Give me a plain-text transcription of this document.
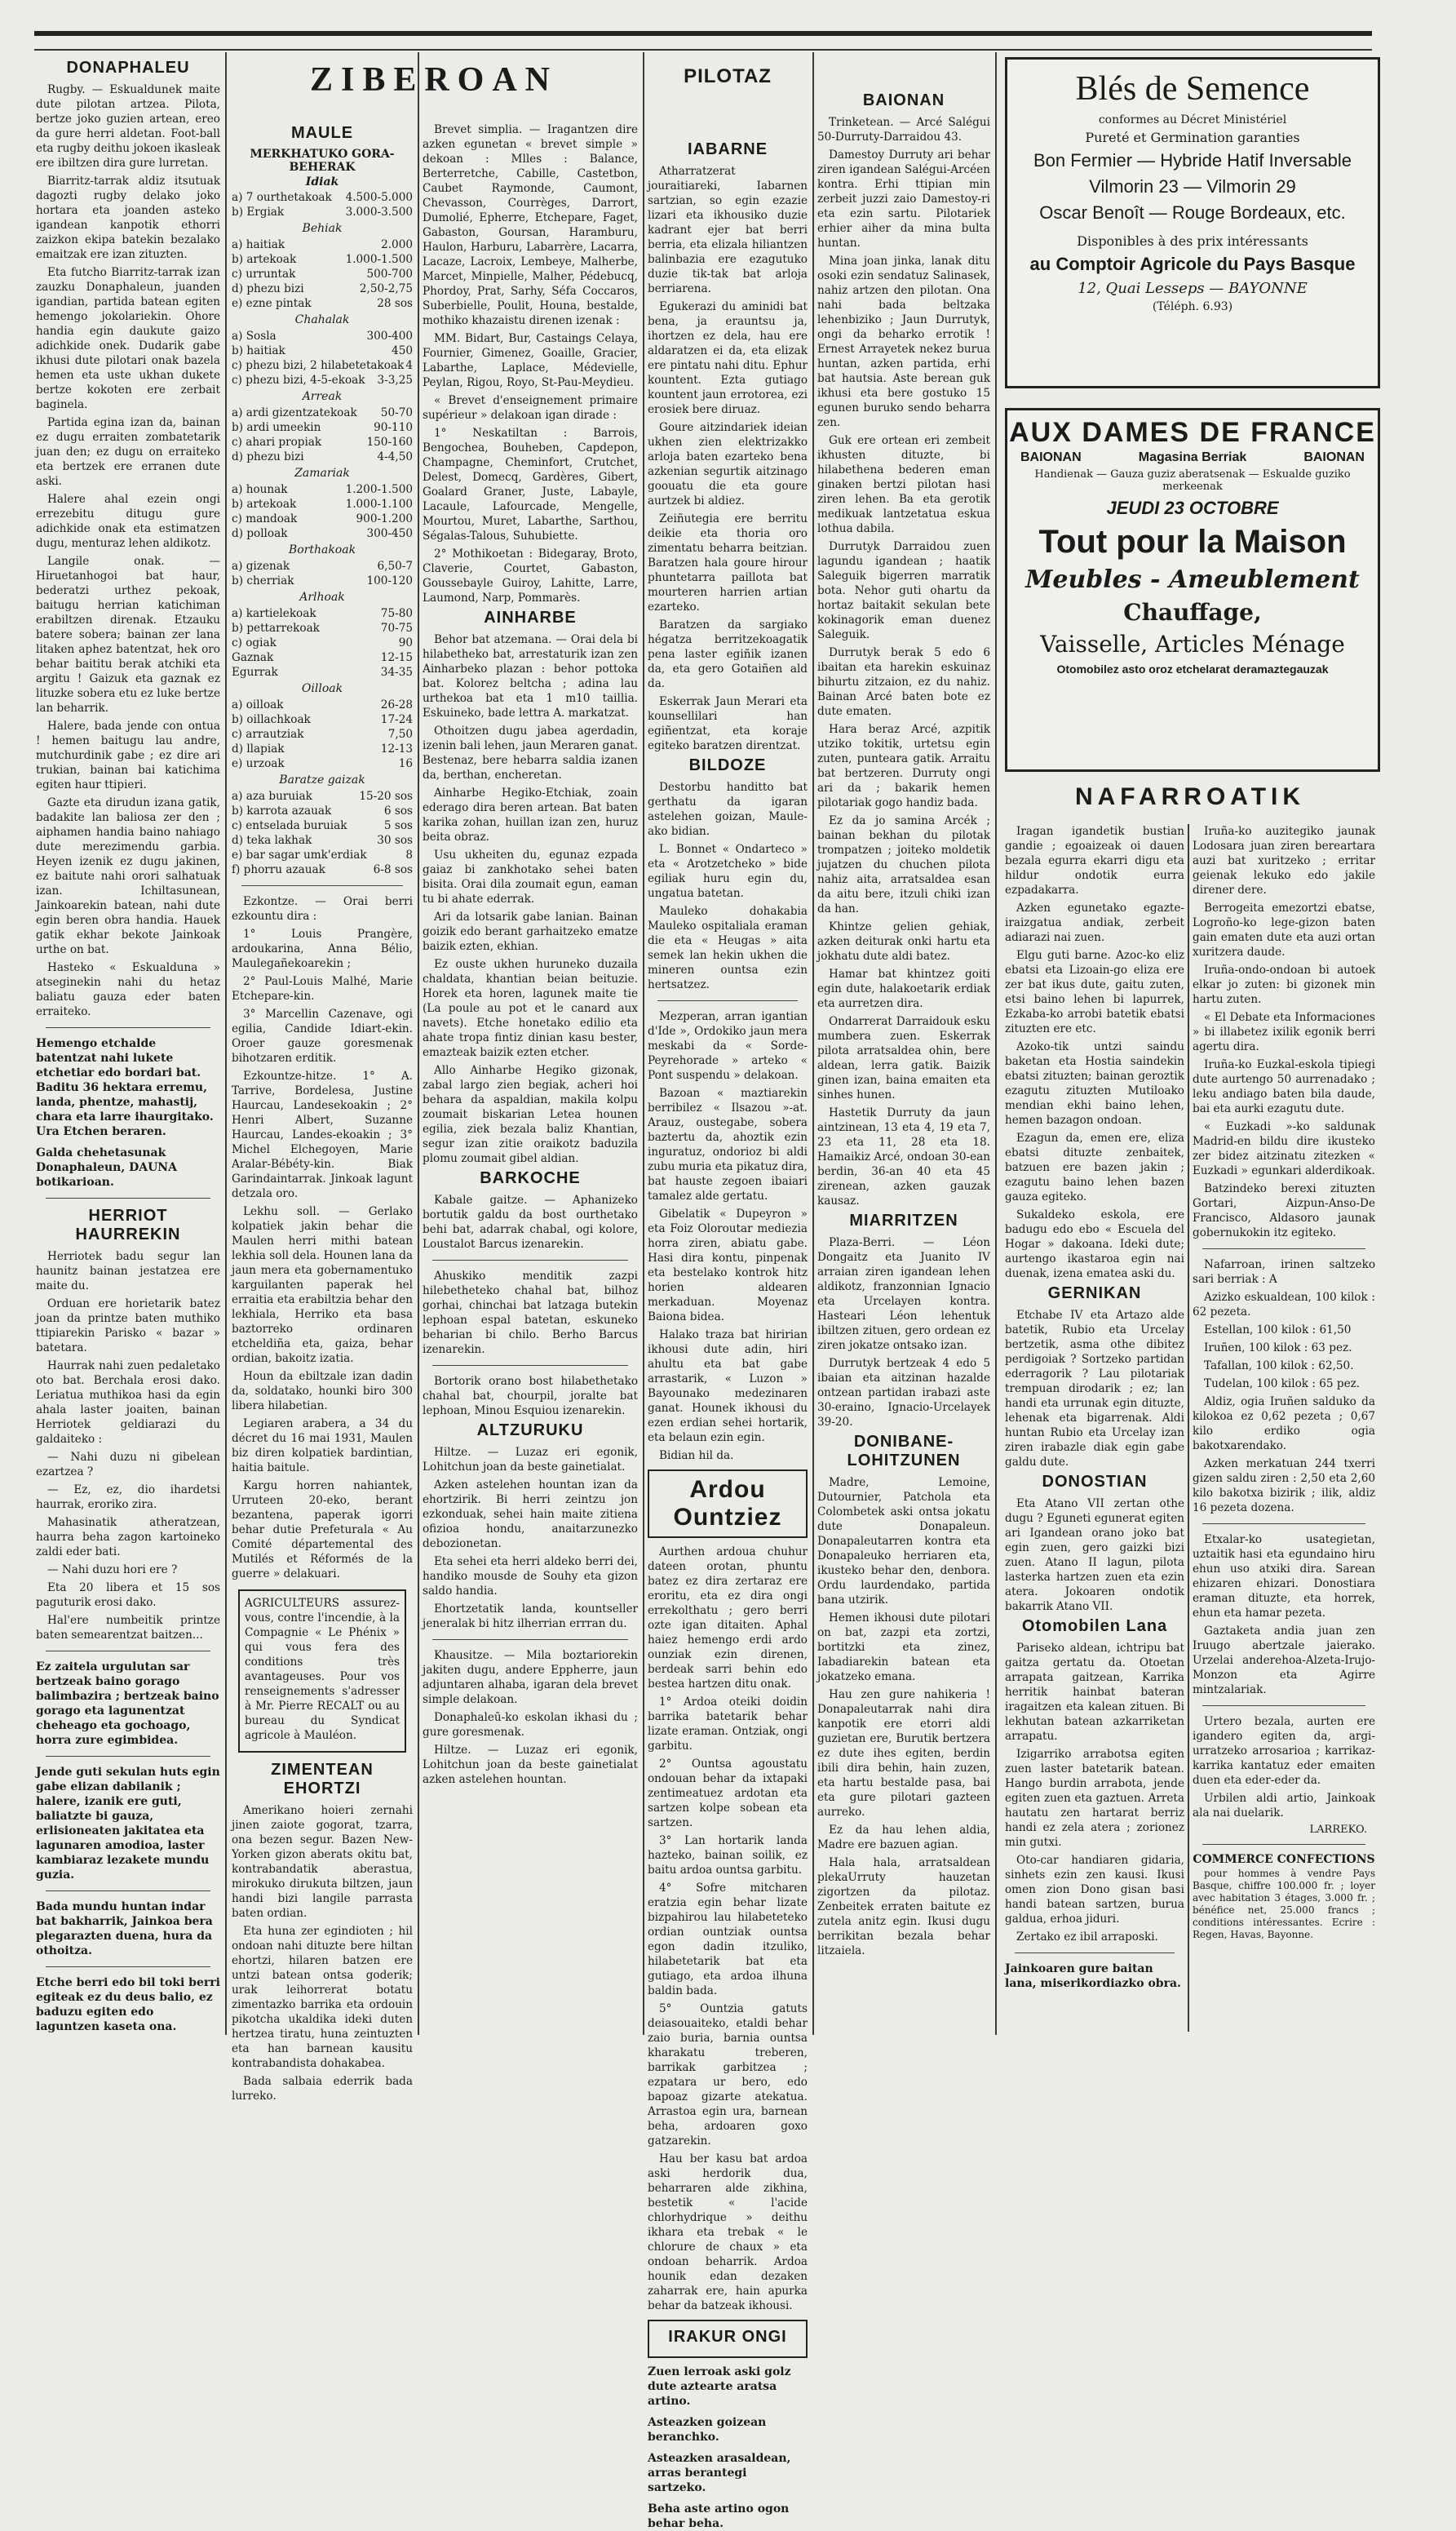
DONAPHALEU
Rugby. — Eskualdunek maite dute pilotan artzea. Pilota, bertze joko guzien artean, ereo da gure herri aldetan. Foot-ball eta rugby deithu jokoen ikasleak ere ibiltzen dira gure lurretan.
Biarritz-tarrak aldiz itsutuak dagozti rugby delako joko hortara eta joanden asteko igandean kanpotik ethorri zaizkon ekipa batekin bezalako emaitzak ere izan zituzten.
Eta futcho Biarritz-tarrak izan zauzku Donaphaleun, juanden igandian, partida batean egiten hemengo jokolariekin. Ohore handia egin daukute gaizo adichkide onek. Dudarik gabe ikhusi dute pilotari onak bazela hemen eta uste ukhan dukete bertze kokoten ere zerbait baginela.
Partida egina izan da, bainan ez dugu erraiten zombatetarik juan den; ez dugu on erraiteko eta bertzek ere erranen dute aski.
Halere ahal ezein ongi errezebitu ditugu gure adichkide onak eta estimatzen dugu, menturaz lehen aldikotz.
Langile onak. — Hiruetanhogoi bat haur, bederatzi urthez pekoak, baitugu herrian katichiman erabiltzen direnak. Etzauku batere sobera; bainan zer lana litaken aphez batentzat, hek oro behar baititu berak atchiki eta argitu ! Gaizuk eta gaznak ez lituzke sobera etu ez luke bertze lan beharrik.
Halere, bada jende con ontua ! hemen baitugu lau andre, mutchurdinik gabe ; ez dire ari trukian, bainan bai katichima egiten haur ttipieri.
Gazte eta dirudun izana gatik, badakite lan baliosa zer den ; aiphamen handia baino nahiago dute merezimendu garbia. Heyen izenik ez dugu jakinen, ez baitute nahi orori salhatuak izan. Ichiltasunean, Jainkoarekin batean, nahi dute egin beren obra handia. Hauek gatik ekhar bekote Jainkoak urthe on bat.
Hasteko « Eskualduna » atseginekin nahi du hetaz baliatu gauza eder baten erraiteko.
Hemengo etchalde batentzat nahi lukete etchetiar edo bordari bat. Baditu 36 hektara erremu, landa, phentze, mahastij, chara eta larre ihaurgitako. Ura Etchen beraren.
Galda chehetasunak Donaphaleun, DAUNA botikarioan.
HERRIOT HAURREKIN
Herriotek badu segur lan haunitz bainan jestatzea ere maite du.
Orduan ere horietarik batez joan da printze baten muthiko ttipiarekin Parisko « bazar » batetara.
Haurrak nahi zuen pedaletako oto bat. Berchala erosi dako. Leriatua muthikoa hasi da egin ahala laster joaiten, bainan Herriotek geldiarazi du galdaiteko :
— Nahi duzu ni gibelean ezartzea ?
— Ez, ez, dio ihardetsi haurrak, eroriko zira.
Mahasinatik atheratzean, haurra beha zagon kartoineko zaldi eder bati.
— Nahi duzu hori ere ?
Eta 20 libera et 15 sos paguturik erosi dako.
Hal'ere numbeitik printze baten semearentzat baitzen...
Ez zaitela urgulutan sar bertzeak baino gorago balimbazira ; bertzeak baino gorago eta lagunentzat cheheago eta gochoago, horra zure egimbidea.
Jende guti sekulan huts egin gabe elizan dabilanik ; halere, izanik ere guti, baliatzte bi gauza, erlisioneaten jakitatea eta lagunaren amodioa, laster kambiaraz lezakete mundu guzia.
Bada mundu huntan indar bat bakharrik, Jainkoa bera plegarazten duena, hura da othoitza.
Etche berri edo bil toki berri egiteak ez du deus balio, ez baduzu egiten edo laguntzen kaseta ona.
ZIBEROAN
MAULE
MERKHATUKO GORA-BEHERAK
Idiak
a) 7 ourthetakoak 4.500-5.000
b) Ergiak	3.000-3.500
Behiak
a) haitiak	2.000
b) artekoak	1.000-1.500
c) urruntak	500-700
d) phezu bizi	2,50-2,75
e) ezne pintak	28 sos
Chahalak
a) Sosla	300-400
b) haitiak	450
c) phezu bizi, 2 hilabetetakoak 4
c) phezu bizi, 4-5-ekoak 3-3,25
Arreak
a) ardi gizentzatekoak 50-70
b) ardi umeekin	90-110
c) ahari propiak	150-160
d) phezu bizi	4-4,50
Zamariak
a) hounak	1.200-1.500
b) artekoak	1.000-1.100
c) mandoak	900-1.200
d) polloak	300-450
Borthakoak
a) gizenak	6,50-7
b) cherriak	100-120
Arlhoak
a) kartielekoak	75-80
b) pettarrekoak	70-75
c) ogiak	90
Gaznak	12-15
Egurrak	34-35
Oilloak
a) oilloak	26-28
b) oillachkoak	17-24
c) arrautziak	7,50
d) llapiak	12-13
e) urzoak	16
Baratze gaizak
a) aza buruiak	15-20 sos
b) karrota azauak	6 sos
c) entselada buruiak	5 sos
d) teka lakhak	30 sos
e) bar sagar umk'erdiak	8
f) phorru azauak	6-8 sos
Ezkontze. — Orai berri ezkountu dira :
1° Louis Prangère, ardoukarina, Anna Bélio, Maulegañekoarekin ;
2° Paul-Louis Malhé, Marie Etchepare-kin.
3° Marcellin Cazenave, ogi egilia, Candide Idiart-ekin. Oroer gauze goresmenak bihotzaren erditik.
Ezkountze-hitze. 1° A. Tarrive, Bordelesa, Justine Haurcau, Landesekoakin ; 2° Henri Albert, Suzanne Haurcau, Landes-ekoakin ; 3° Michel Elchegoyen, Marie Aralar-Bébéty-kin. Biak Garindaintarrak. Jinkoak lagunt detzala oro.
Lekhu soll. — Gerlako kolpatiek jakin behar die Maulen herri mithi batean lekhia soll dela. Hounen lana da jaun mera eta gobernamentuko karguilanten paperak hel erraitia eta erabiltzia behar den lekhiala, Herriko eta basa baztorreko ordinaren etcheldiña eta, gaiza, behar ordian, bakoitz izatia.
Houn da ebiltzale izan dadin da, soldatako, hounki biro 300 libera hilabetian.
Legiaren arabera, a 34 du décret du 16 mai 1931, Maulen biz diren kolpatiek bardintian, haitia baitule.
Kargu horren nahiantek, Urruteen 20-eko, berant bezantena, paperak igorri behar dutie Prefeturala « Au Comité départemental des Mutilés et Réformés de la guerre » delakuari.
AGRICULTEURS assurez-vous, contre l'incendie, à la Compagnie « Le Phénix » qui vous fera des conditions très avantageuses. Pour vos renseignements s'adresser à Mr. Pierre RECALT ou au bureau du Syndicat agricole à Mauléon.
ZIMENTEAN EHORTZI
Amerikano hoieri zernahi jinen zaiote gogorat, tzarra, ona bezen segur. Bazen New-Yorken gizon aberats okitu bat, kontrabandatik aberastua, mirokuko dirukuta biltzen, jaun handi bizi langile parrasta baten ordian.
Eta huna zer egindioten ; hil ondoan nahi dituzte bere hiltan ehortzi, hilaren batzen ere untzi batean ontsa goderik; urak leihorrerat botatu zimentazko barrika eta ordouin pikotcha ukaldika ideki duten hertzea tiratu, huna zeintuzten eta han barnean kausitu kontrabandista dohakabea.
Bada salbaia ederrik bada lurreko.
Brevet simplia. — Iragantzen dire azken egunetan « brevet simple » dekoan : Mlles : Balance, Berterretche, Cabille, Castetbon, Caubet Raymonde, Caumont, Chevasson, Courrèges, Darrort, Dumolié, Epherre, Etchepare, Faget, Gabaston, Goursan, Haramburu, Haulon, Harburu, Labarrère, Lacarra, Lacaze, Lacroix, Lembeye, Malherbe, Marcet, Minpielle, Malher, Pédebucq, Phordoy, Prat, Sarhy, Séfa Coccaros, Suberbielle, Poulit, Houna, bestalde, mothiko khazaistu direnen izenak :
MM. Bidart, Bur, Castaings Celaya, Fournier, Gimenez, Goaille, Gracier, Labarthe, Laplace, Médevielle, Peylan, Rigou, Royo, St-Pau-Meydieu.
« Brevet d'enseignement primaire supérieur » delakoan igan dirade :
1° Neskatiltan : Barrois, Bengochea, Bouheben, Capdepon, Champagne, Cheminfort, Crutchet, Delest, Domecq, Gardères, Gibert, Goalard Graner, Juste, Labayle, Lacaule, Lafourcade, Mengelle, Mourtou, Muret, Labarthe, Sarthou, Ségalas-Talous, Suhubiette.
2° Mothikoetan : Bidegaray, Broto, Claverie, Courtet, Gabaston, Goussebayle Guiroy, Lahitte, Larre, Laumond, Narp, Pommarès.
AINHARBE
Behor bat atzemana. — Orai dela bi hilabetheko bat, arrestaturik izan zen Ainharbeko plazan : behor pottoka bat. Kolorez beltcha ; adina lau urthekoa bat eta 1 m10 taillia. Eskuineko, bade lettra A. markatzat.
Othoitzen dugu jabea agerdadin, izenin bali lehen, jaun Meraren ganat. Bestenaz, bere hebarra saldia izanen da, berthan, encheretan.
Ainharbe Hegiko-Etchiak, zoain ederago dira beren artean. Bat baten karika zohan, huillan izan zen, huruz beita obraz.
Usu ukheiten du, egunaz ezpada gaiaz bi zankhotako sehei baten bisita. Orai dila zoumait egun, eaman tu bi ahate ederrak.
Ari da lotsarik gabe lanian. Bainan goizik edo berant garhaitzeko ematze baizik ezten, ekhian.
Ez ouste ukhen huruneko duzaila chaldata, khantian beian beituzie. Horek eta horen, lagunek maite tie (La poule au pot et le canard aux navets). Etche honetako edilio eta ahate tropa fintiz dinian kasu bester, emazteak baizik ezten etcher.
Allo Ainharbe Hegiko gizonak, zabal largo zien begiak, acheri hoi behara da aspaldian, makila kolpu zoumait biskarian Letea hounen egilia, ziek bezala baliz Khantian, segur izan zitie oraikotz baduzila plomu zoumait gibel aldian.
BARKOCHE
Kabale gaitze. — Aphanizeko bortutik galdu da bost ourthetako behi bat, adarrak chabal, ogi kolore, Loustalot Barcus izenarekin.
Ahuskiko menditik zazpi hilebetheteko chahal bat, bilhoz gorhai, chinchai bat latzaga butekin lephoan espal batetan, eskuneko beharian bi chilo. Berho Barcus izenarekin.
Bortorik orano bost hilabethetako chahal bat, chourpil, joralte bat lephoan, Minou Esquiou izenarekin.
ALTZURUKU
Hiltze. — Luzaz eri egonik, Lohitchun joan da beste gainetialat.
Azken astelehen hountan izan da ehortzirik. Bi herri zeintzu jon ezkonduak, sehei hain maite zitiena ofizioa hondu, anaitarzunezko debozionetan.
Eta sehei eta herri aldeko berri dei, handiko mousde de Souhy eta gizon saldo handia.
Ehortzetatik landa, kountseller jeneralak bi hitz ilherrian errran du.
Khausitze. — Mila boztariorekin jakiten dugu, andere Eppherre, jaun adjuntaren alhaba, igaran dela brevet simple delakoan.
Donaphaleū-ko eskolan ikhasi du ; gure goresmenak.
Hiltze. — Luzaz eri egonik, Lohitchun joan da beste gainetialat azken astelehen hountan.
PILOTAZ
IABARNE
Atharratzerat jouraitiareki, Iabarnen sartzian, so egin ezazie lizari eta ikhousiko duzie kadrant ejer bat berri berria, eta elizala hiliantzen balinbazia ere ezagutuko duzie tik-tak bat arloja berriarena.
Egukerazi du aminidi bat bena, ja erauntsu ja, ihortzen ez dela, hau ere aldaratzen ei da, eta elizak ere pintatu nahi ditu. Ephur kountent. Ezta gutiago kountent jaun errotorea, ezi erosiek bere diruaz.
Goure aitzindariek ideian ukhen zien elektrizakko arloja baten ezarteko bena azkenian segurtik aitzinago goouatu die eta goure aurtzek bi aldiez.
Zeiñutegia ere berritu deikie eta thoria oro zimentatu beharra beitzian. Baratzen hala goure hirour phuntetarra paillota bat mourteren harrien artian ezarteko.
Baratzen da sargiako hégatza berritzekoagatik pena laster egiñik izanen da, eta gero Gotaiñen ald da.
Eskerrak Jaun Merari eta kounsellilari han egiñentzat, eta koraje egiteko baratzen direntzat.
BILDOZE
Destorbu handitto bat gerthatu da igaran astelehen goizan, Maule-ako bidian.
L. Bonnet « Ondarteco » eta « Arotzetcheko » bide egiliak huru egin du, ungatua batetan.
Mauleko dohakabia Mauleko ospitaliala eraman die eta « Heugas » aita semek lan hekin ukhen die mineren ountsa ezin hertsatzez.
Mezperan, arran igantian d'Ide », Ordokiko jaun mera meskabi da « Sorde-Peyrehorade » arteko « Pont suspendu » delakoan.
Bazoan « maztiarekin berribilez « Ilsazou »-at. Arauz, oustegabe, sobera baztertu da, ahoztik ezin inguratuz, ondorioz bi aldi zubu muria eta pikatuz dira, bat hauste zegoen ibaiari tamalez alde gertatu.
Gibelatik « Dupeyron » eta Foiz Oloroutar mediezia horra ziren, abiatu gabe. Hasi dira kontu, pinpenak eta bestelako kontrok hitz horien aldearen merkaduan. Moyenaz Baiona bidea.
Halako traza bat hiririan ikhousi dute adin, hiri ahultu eta bat gabe arrastarik, « Luzon » Bayounako medezinaren ganat. Hounek ikhousi du ezen erdian sehei hortarik, eta belaun ezin egin.
Bidian hil da.
Ardou Ountziez
Aurthen ardoua chuhur dateen orotan, phuntu batez ez dira zertaraz ere eroritu, eta ez dira ongi errekolthatu ; gero berri ozte igan ditaiten. Aphal haiez hemengo erdi ardo ounziak ezin direnen, berdeak sarri behin edo bestea hartzen ditu onak.
1° Ardoa oteiki doidin barrika batetarik behar lizate eraman. Ontziak, ongi garbitu.
2° Ountsa agoustatu ondouan behar da ixtapaki zentimeatuez ardotan eta sartzen kolpe sobean eta sartzen.
3° Lan hortarik landa hazteko, bainan soilik, ez baitu ardoa ountsa garbitu.
4° Sofre mitcharen eratzia egin behar lizate bizpahirou lau hilabeteteko ordian ountziak ountsa egon dadin itzuliko, hilabetetarik bat eta gutiago, eta ardoa ilhuna baldin bada.
5° Ountzia gatuts deiasouaiteko, etaldi behar zaio buria, barnia ountsa kharakatu treberen, barrikak garbitzea ; ezpatara ur bero, edo bapoaz gizarte atekatua. Arrastoa egin ura, barnean beha, ardoaren goxo gatzarekin.
Hau ber kasu bat ardoa aski herdorik dua, beharraren alde zikhina, bestetik « l'acide chlorhydrique » deithu ikhara eta trebak « le chlorure de chaux » eta ondoan beharrik. Ardoa hounik edan dezaken zaharrak ere, hain apurka behar da batzeak ikhousi.
IRAKUR ONGI
Zuen lerroak aski golz dute aztearte aratsa artino.
Asteazken goizean beranchko.
Asteazken arasaldean, arras berantegi sartzeko.
Beha aste artino ogon behar beha.
BAIONAN
Trinketean. — Arcé Salégui 50-Durruty-Darraidou 43.
Damestoy Durruty ari behar ziren igandean Salégui-Arcéen kontra. Erhi ttipian min zerbeit juzzi zaio Damestoy-ri eta ezin sartu. Pilotariek erhier aiher da mina bulta huntan.
Mina joan jinka, lanak ditu osoki ezin sendatuz Salinasek, nahiz artzen den pilotan. Ona nahi bada beltzaka lehenbiziko ; Jaun Durrutyk, ongi da beharko errotik ! Ernest Arrayetek nekez burua huntan, azken partida, erhi bat hautsia. Aste berean guk ikhusi eta bere gostuko 15 egunen buruko sendo beharra zen.
Guk ere ortean eri zembeit ikhusten dituzte, bi hilabethena bederen eman ginaken bertzi pilotan hasi ziren lehen. Ba eta gerotik medikuak lantzetatua eskua lothua dabila.
Durrutyk Darraidou zuen lagundu igandean ; haatik Saleguik bigerren marratik bota. Nehor guti ohartu da hortaz baitakit sekulan bete kokinagorik eman duenez Saleguik.
Durrutyk berak 5 edo 6 ibaitan eta harekin eskuinaz bihurtu zitzaion, ez du nahiz. Bainan Arcé baten bote ez dute ematen.
Hara beraz Arcé, azpitik utziko tokitik, urtetsu egin zuten, punteara gatik. Arraitu bat bertzeren. Durruty ongi ari da ; bakarik hemen pilotariak gogo handiz bada.
Ez da jo samina Arcék ; bainan bekhan du pilotak trompatzen ; joiteko moldetik jujatzen du chuchen pilota nahiz aita, arratsaldea esan da aitu bere, itzuli chiki izan da han.
Khintze gelien gehiak, azken deiturak onki hartu eta jokhatu dute aldi batez.
Hamar bat khintzez goiti egin dute, halakoetarik erdiak eta aurretzen dira.
Ondarrerat Darraidouk esku mumbera zuen. Eskerrak pilota arratsaldea ohin, bere aldean, lerra gatik. Baizik ginen izan, baina emaiten eta sinhes hunen.
Hastetik Durruty da jaun aintzinean, 13 eta 4, 19 eta 7, 23 eta 11, 28 eta 18. Hamaikiz Arcé, ondoan 30-ean berdin, 36-an 40 eta 45 zirenean, azken gauzak kausaz.
MIARRITZEN
Plaza-Berri. — Léon Dongaitz eta Juanito IV arraian ziren igandean lehen aldikotz, franzonnian Ignacio eta Urcelayen kontra. Hasteari Léon lehentuk ibiltzen zituen, gero ordean ez ziren jokatze ontsako izan.
Durrutyk bertzeak 4 edo 5 ibaian eta aitzinan hazalde ontzean partidan irabazi aste 30-eraino, Ignacio-Urcelayek 39-20.
DONIBANE-LOHITZUNEN
Madre, Lemoine, Dutournier, Patchola eta Colombetek aski ontsa jokatu dute Donapaleun. Donapaleutarren kontra eta Donapaleuko herriaren eta, ikusteko behar den, denbora. Ordu laurdendako, partida bana utzirik.
Hemen ikhousi dute pilotari on bat, zazpi eta zortzi, bortitzki eta zinez, Iabadiarekin batean eta jokatzeko emana.
Hau zen gure nahikeria ! Donapaleutarrak nahi dira kanpotik ere etorri aldi guzietan ere, Burutik bertzera ez dute ihes egiten, berdin ibili dira behin, hain zuzen, eta hartu bestalde pasa, bai eta gure pilotari gazteen aurreko.
Ez da hau lehen aldia, Madre ere bazuen agian.
Hala hala, arratsaldean plekaUrruty hauzetan zigortzen da pilotaz. Zenbeitek erraten baitute ez zutela anitz egin. Ikusi dugu berrikitan bezala behar litzaiela.
Blés de Semence
conformes au Décret Ministériel
Pureté et Germination garanties
Bon Fermier — Hybride Hatif Inversable
Vilmorin 23 — Vilmorin 29
Oscar Benoît — Rouge Bordeaux, etc.
Disponibles à des prix intéressants
au Comptoir Agricole du Pays Basque
12, Quai Lesseps — BAYONNE
(Téléph. 6.93)
AUX DAMES DE FRANCE
BAIONAN	Magasina Berriak	BAIONAN
Handienak — Gauza guziz aberatsenak — Eskualde guziko merkeenak
JEUDI 23 OCTOBRE
Tout pour la Maison
Meubles - Ameublement
Chauffage,
Vaisselle, Articles Ménage
Otomobilez asto oroz etchelarat deramaztegauzak
NAFARROATIK
Iragan igandetik bustian gandie ; egoaizeak oi dauen bezala egurra ekarri digu eta hildur ondotik eurra ezpadakarra.
Azken egunetako egazte-iraizgatua andiak, zerbeit adiarazi nai zuen.
Elgu guti barne. Azoc-ko eliz ebatsi eta Lizoain-go eliza ere zer bat ikus dute, gaitu zuten, etsi baino lehen bi lapurrek, Ezkaba-ko arrobi batetik ebatsi zituzten ere etc.
Azoko-tik untzi saindu baketan eta Hostia saindekin ebatsi zituzten; bainan geroztik ezagutu zituzten Mutiloako mendian ekhi baino lehen, hemen bazagon ondoan.
Ezagun da, emen ere, eliza ebatsi dituzte zenbaitek, batzuen ere bazen jakin ; ezagutu baino lehen bazen gauza egiteko.
Sukaldeko eskola, ere badugu edo ebo « Escuela del Hogar » dakoana. Ideki dute; aurtengo ikastaroa egin nai duenak, izena ematea aski du.
GERNIKAN
Etchabe IV eta Artazo alde batetik, Rubio eta Urcelay bertzetik, asma othe dibitez perdigoiak ? Sortzeko partidan ederragorik ? Lau pilotariak trempuan dirodarik ; ez; lan handi eta urrunak egin dituzte, lehenak eta bigarrenak. Aldi huntan Rubio eta Urcelay izan ziren irabazle diak egin gabe galdu dute.
DONOSTIAN
Eta Atano VII zertan othe dugu ? Eguneti egunerat egiten ari Igandean orano joko bat egin zuen, gero gaizki bizi zuen. Atano II lagun, pilota lasterka hartzen zuen eta ezin atera. Jokoaren ondotik bakarrik Atano VII.
Otomobilen Lana
Pariseko aldean, ichtripu bat gaitza gertatu da. Otoetan arrapata gaitzean, Karrika herritik hainbat bateran iragaitzen eta kalean zituen. Bi lekhutan batean azkarriketan arrapatu.
Izigarriko arrabotsa egiten zuen laster batetarik batean. Hango burdin arrabota, jende egiten zuen eta gaztuen. Arreta hautatu zen hartarat berriz handi ez zela atera ; zorionez min gutxi.
Oto-car handiaren gidaria, sinhets ezin zen kausi. Ikusi omen zion Dono gisan basi handi batean sartzen, burua galdua, erhoa jiduri.
Zertako ez ibil arraposki.
Jainkoaren gure baitan lana, miserikordiazko obra.
Iruña-ko auzitegiko jaunak Lodosara juan ziren bereartara auzi bat xuritzeko ; erritar geienak lekuko edo jakile direner dere.
Berrogeita emezortzi ebatse, Logroño-ko lege-gizon baten gain ematen dute eta auzi ortan xuritzera daude.
Iruña-ondo-ondoan bi autoek elkar jo zuten: bi gizonek min hartu zuten.
« El Debate eta Informaciones » bi illabetez ixilik egonik berri agertu dira.
Iruña-ko Euzkal-eskola tipiegi dute aurtengo 50 aurrenadako ; leku andiago baten bila daude, bai eta aurki ezagutu dute.
« Euzkadi »-ko saldunak Madrid-en bildu dire ikusteko zer bidez aitzinatu zitezken « Euzkadi » egunkari alderdikoak.
Batzindeko berexi zituzten Gortari, Aizpun-Anso-De Francisco, Aldasoro jaunak gobernukokin itz egiteko.
Nafarroan, irinen saltzeko sari berriak : A
Azizko eskualdean, 100 kilok : 62 pezeta.
Estellan, 100 kilok : 61,50
Iruñen, 100 kilok : 63 pez.
Tafallan, 100 kilok : 62,50.
Tudelan, 100 kilok : 65 pez.
Aldiz, ogia Iruñen salduko da kilokoa ez 0,62 pezeta ; 0,67 kilo erdiko ogia bakotxarendako.
Azken merkatuan 244 txerri gizen saldu ziren : 2,50 eta 2,60 kilo bakotxa bizirik ; ilik, aldiz 16 pezeta dozena.
Etxalar-ko usategietan, uztaitik hasi eta egundaino hiru ehun uso atxiki dira. Sarean ehizaren ehizari. Donostiara eraman dituzte, eta horrek, ehun eta hamar pezeta.
Gaztaketa andia juan zen Iruugo abertzale jaierako. Urzelai anderehoa-Alzeta-Irujo-Monzon eta Agirre mintzalariak.
Urtero bezala, aurten ere igandero egiten da, argi-urratzeko arrosarioa ; karrikaz-karrika kantatuz eder emaiten duen eta eder-eder da.
Urbilen aldi artio, Jainkoak ala nai duelarik.
LARREKO.
COMMERCE CONFECTIONS
pour hommes à vendre Pays Basque, chiffre 100.000 fr. ; loyer avec habitation 3 étages, 3.000 fr. ; bénéfice net, 25.000 francs ; conditions intéressantes. Ecrire : Regen, Havas, Bayonne.
